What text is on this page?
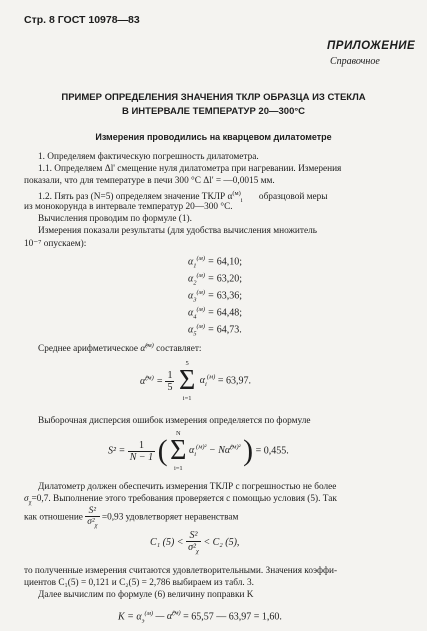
Стр. 8 ГОСТ 10978—83
ПРИЛОЖЕНИЕ
Справочное
ПРИМЕР ОПРЕДЕЛЕНИЯ ЗНАЧЕНИЯ ТКЛР ОБРАЗЦА ИЗ СТЕКЛА
В ИНТЕРВАЛЕ ТЕМПЕРАТУР 20—300°С
Измерения проводились на кварцевом дилатометре
1. Определяем фактическую погрешность дилатометра.
1.1. Определяем Δl' смещение нуля дилатометра при нагревании. Измерения
показали, что для температуре в печи 300 °С Δl' = —0,0015 мм.
1.2. Пять раз (N=5) определяем значение ТКЛР $\alpha^{(м)}_i$ образцовой меры
из монокорунда в интервале температур 20—300 °С.
Вычисления проводим по формуле (1).
Измерения показали результаты (для удобства вычисления множитель
10⁻⁷ опускаем):
$\alpha_1^{(м)} = 64,10$;
$\alpha_2^{(м)} = 63,20$;
$\alpha_3^{(м)} = 63,36$;
$\alpha_4^{(м)} = 64,48$;
$\alpha_5^{(м)} = 64,73$.
Среднее арифметическое α̂$^{(м)}$ составляет:
α̂$^{(м)}$ = $\frac{1}{5}$

5
Σ
i=1
$\alpha_i^{(м)} = 63,97$.
Выборочная дисперсия ошибок измерения определяется по формуле
$S^2 = \frac{1}{N - 1}$ (
N
Σ
i=1
$\alpha_i^{(м)^2}$ − Nα̂$^{(м)^2}$ ) = 0,455.
Дилатометр должен обеспечить измерения ТКЛР с погрешностью не более
$\sigma_\chi=0,7$. Выполнение этого требования проверяется с помощью условия (5). Так
как отношение $\frac{\text{S²}}{\sigma^2_\chi} =0,93$ удовлетворяет неравенствам
C₁ $(5) < \frac{\text{S²}}{\sigma^2_\chi} < C_2$ (5),
то полученные измерения считаются удовлетворительными. Значения коэффи-
циентов C₁(5) = 0,121 и C₂(5) = 2,786 выбираем из табл. 3.
Далее вычислим по формуле (6) величину поправки K
$K = \alpha_э^{(м)}$ — α̂$^{(м)}$ = 65,57 — 63,97 = 1,60.
